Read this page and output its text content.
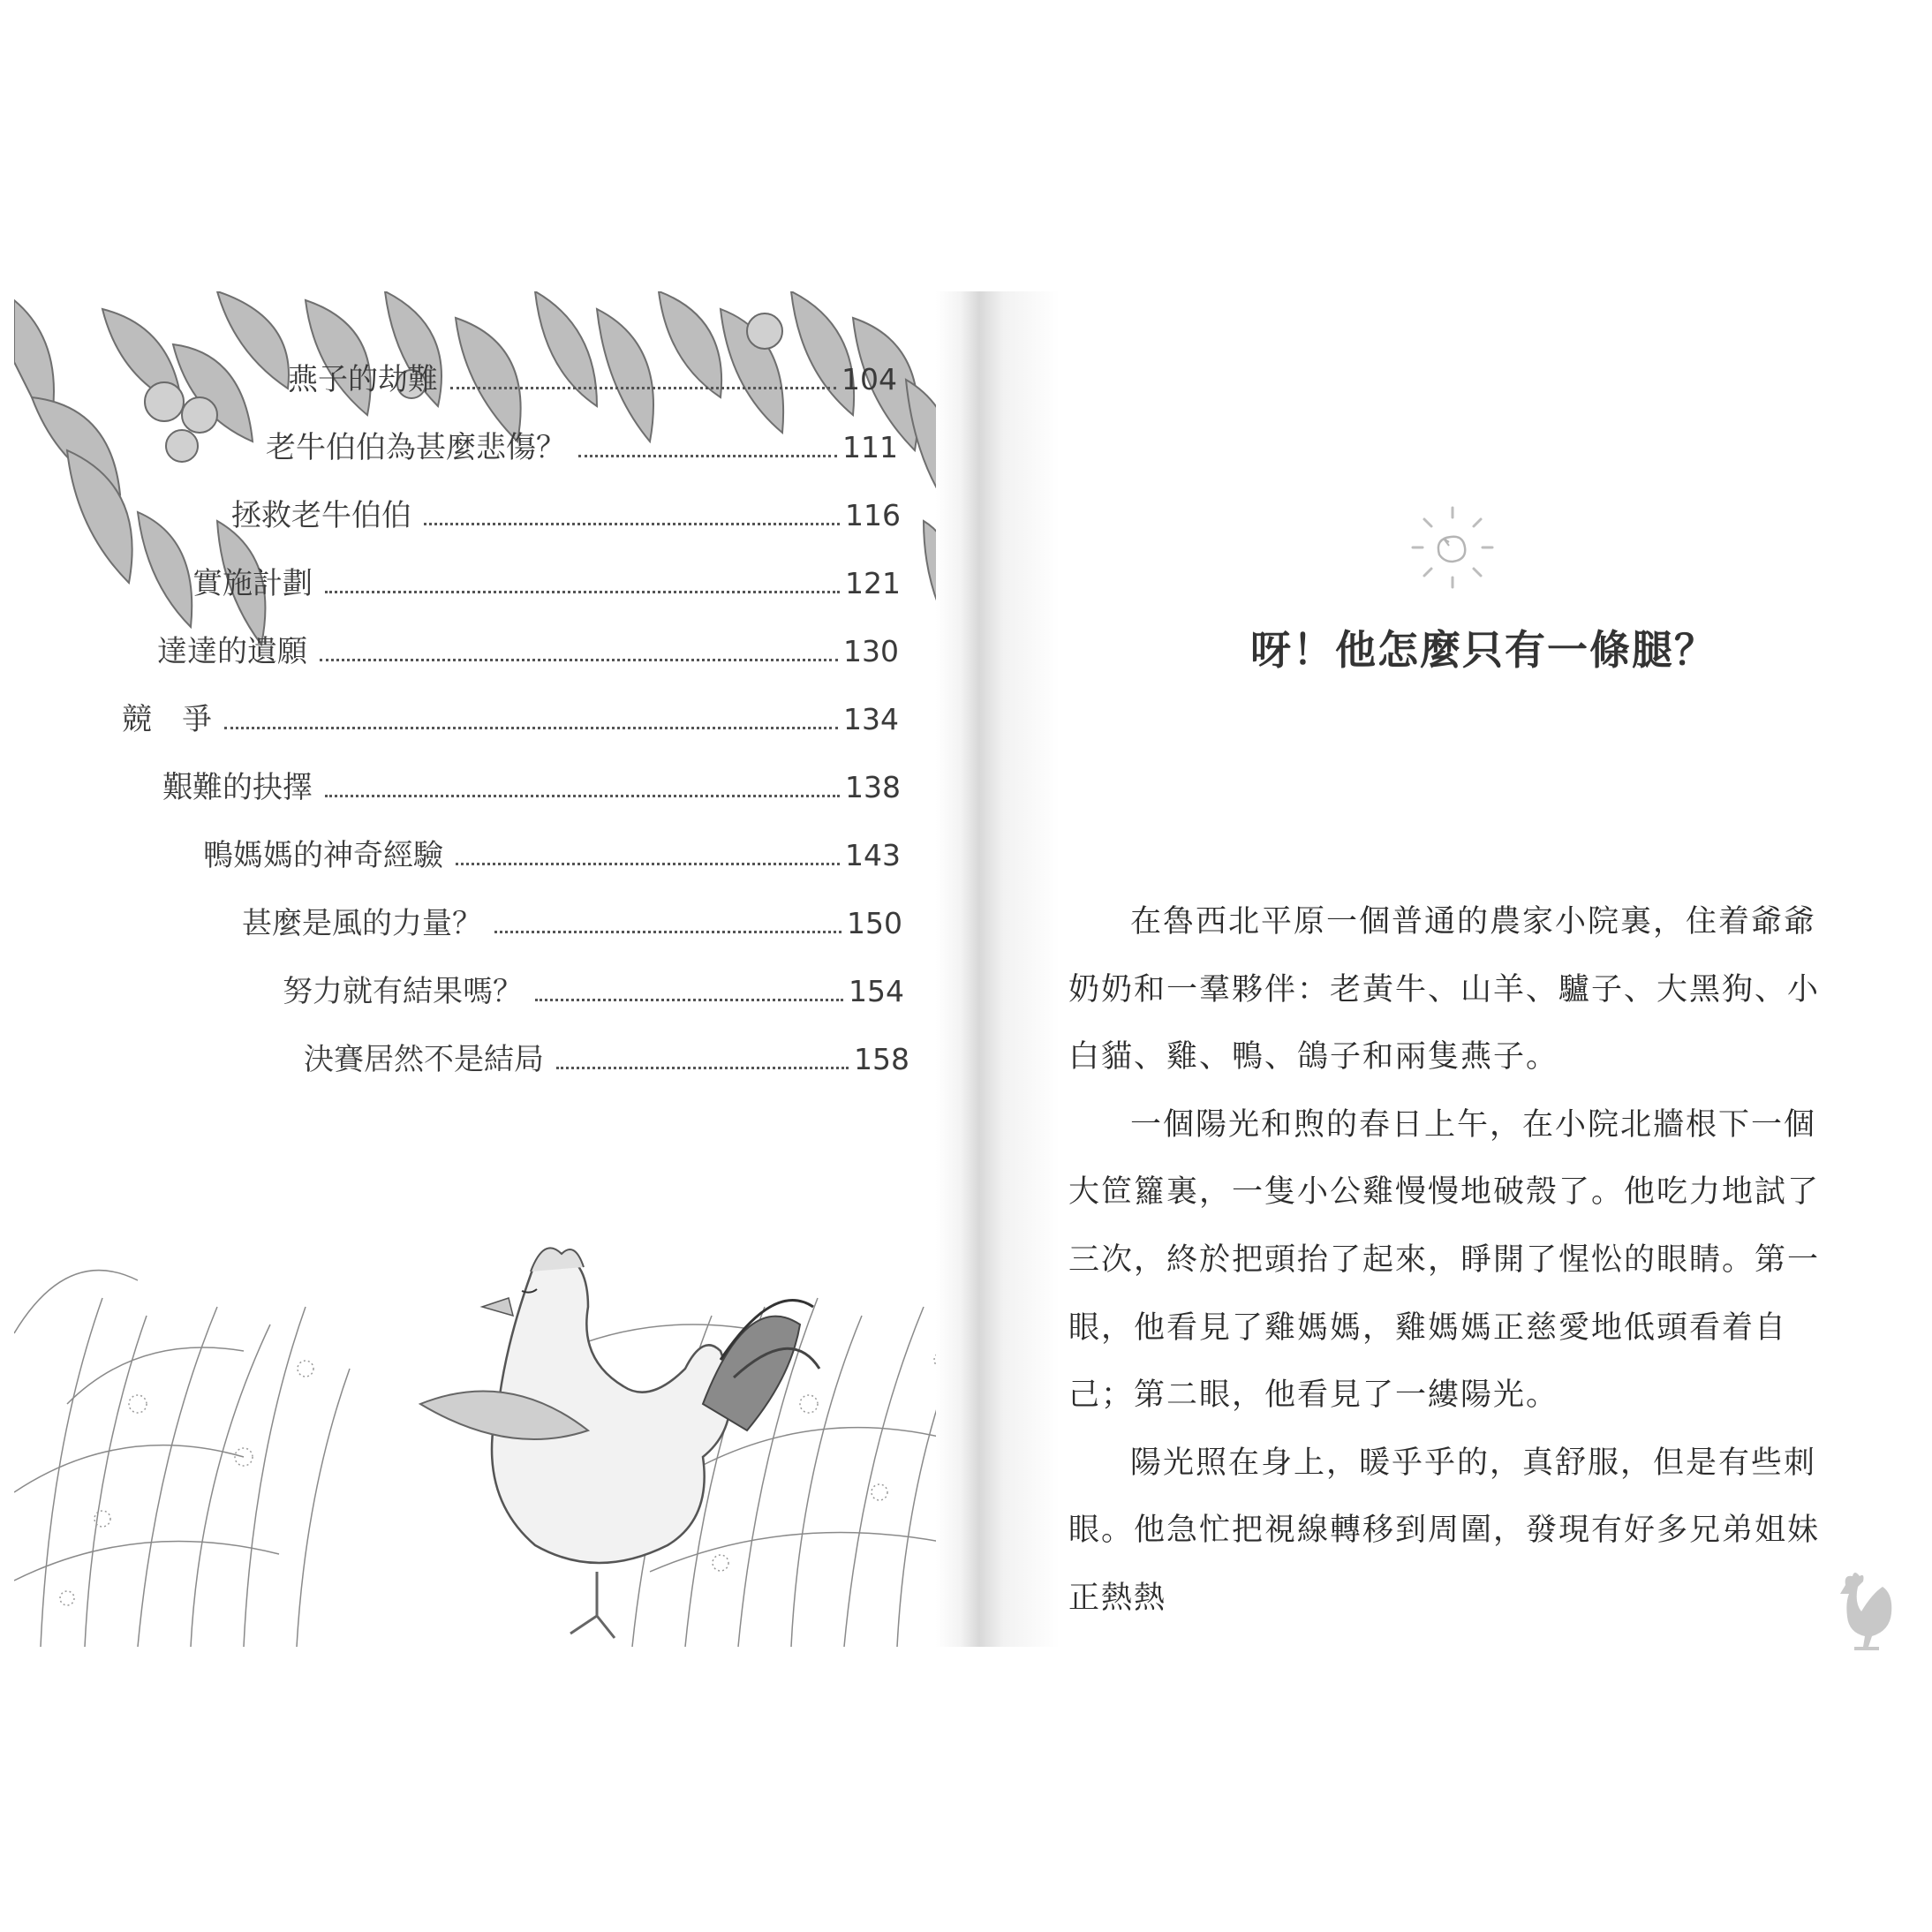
燕子的劫難	104
老牛伯伯為甚麼悲傷？	111
拯救老牛伯伯	116
實施計劃	121
達達的遺願	130
競　爭	134
艱難的抉擇	138
鴨媽媽的神奇經驗	143
甚麼是風的力量？	150
努力就有結果嗎？	154
決賽居然不是結局	158
呀！他怎麼只有一條腿？

在魯西北平原一個普通的農家小院裏，住着爺爺奶奶和一羣夥伴：老黃牛、山羊、驢子、大黑狗、小白貓、雞、鴨、鴿子和兩隻燕子。

一個陽光和煦的春日上午，在小院北牆根下一個大笸籮裏，一隻小公雞慢慢地破殼了。他吃力地試了三次，終於把頭抬了起來，睜開了惺忪的眼睛。第一眼，他看見了雞媽媽，雞媽媽正慈愛地低頭看着自己；第二眼，他看見了一縷陽光。

陽光照在身上，暖乎乎的，真舒服，但是有些刺眼。他急忙把視線轉移到周圍，發現有好多兄弟姐妹正熱熱
